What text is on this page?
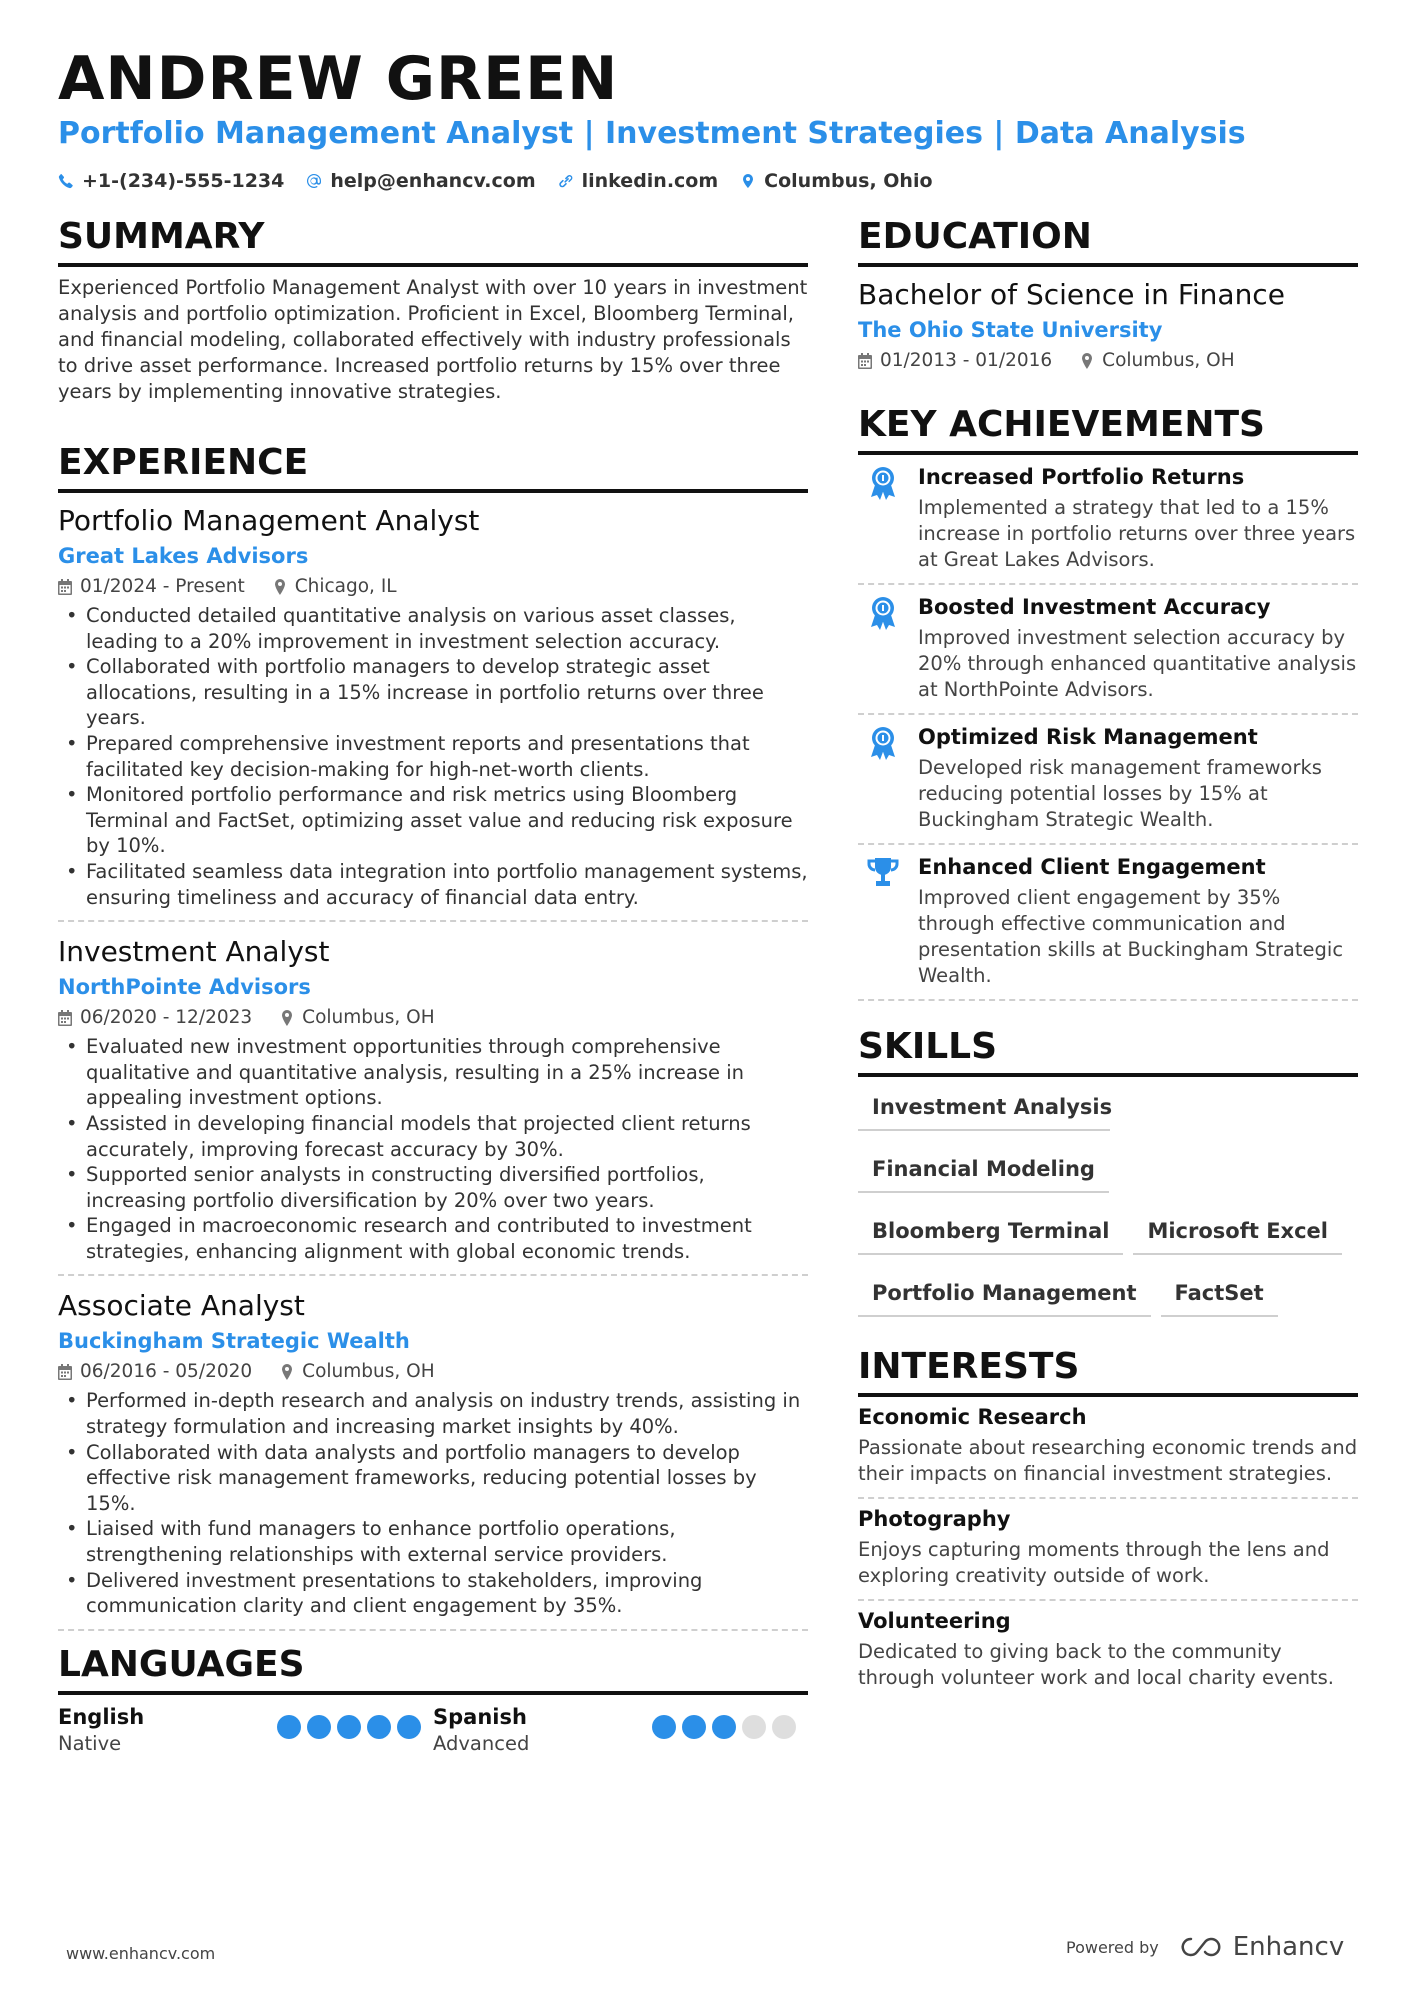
ANDREW GREEN
Portfolio Management Analyst | Investment Strategies | Data Analysis
+1-(234)-555-1234 help@enhancv.com linkedin.com Columbus, Ohio
SUMMARY
Experienced Portfolio Management Analyst with over 10 years in investment analysis and portfolio optimization. Proficient in Excel, Bloomberg Terminal, and financial modeling, collaborated effectively with industry professionals to drive asset performance. Increased portfolio returns by 15% over three years by implementing innovative strategies.
EXPERIENCE
Portfolio Management Analyst
Great Lakes Advisors
01/2024 - Present	Chicago, IL
• Conducted detailed quantitative analysis on various asset classes, leading to a 20% improvement in investment selection accuracy.
• Collaborated with portfolio managers to develop strategic asset allocations, resulting in a 15% increase in portfolio returns over three years.
• Prepared comprehensive investment reports and presentations that facilitated key decision-making for high-net-worth clients.
• Monitored portfolio performance and risk metrics using Bloomberg Terminal and FactSet, optimizing asset value and reducing risk exposure by 10%.
• Facilitated seamless data integration into portfolio management systems, ensuring timeliness and accuracy of financial data entry.
Investment Analyst
NorthPointe Advisors
06/2020 - 12/2023	Columbus, OH
• Evaluated new investment opportunities through comprehensive qualitative and quantitative analysis, resulting in a 25% increase in appealing investment options.
• Assisted in developing financial models that projected client returns accurately, improving forecast accuracy by 30%.
• Supported senior analysts in constructing diversified portfolios, increasing portfolio diversification by 20% over two years.
• Engaged in macroeconomic research and contributed to investment strategies, enhancing alignment with global economic trends.
Associate Analyst
Buckingham Strategic Wealth
06/2016 - 05/2020	Columbus, OH
• Performed in-depth research and analysis on industry trends, assisting in strategy formulation and increasing market insights by 40%.
• Collaborated with data analysts and portfolio managers to develop effective risk management frameworks, reducing potential losses by 15%.
• Liaised with fund managers to enhance portfolio operations, strengthening relationships with external service providers.
• Delivered investment presentations to stakeholders, improving communication clarity and client engagement by 35%.
LANGUAGES
English
Native
Spanish
Advanced
EDUCATION
Bachelor of Science in Finance
The Ohio State University
01/2013 - 01/2016	Columbus, OH
KEY ACHIEVEMENTS
Increased Portfolio Returns
Implemented a strategy that led to a 15% increase in portfolio returns over three years at Great Lakes Advisors.
Boosted Investment Accuracy
Improved investment selection accuracy by 20% through enhanced quantitative analysis at NorthPointe Advisors.
Optimized Risk Management
Developed risk management frameworks reducing potential losses by 15% at Buckingham Strategic Wealth.
Enhanced Client Engagement
Improved client engagement by 35% through effective communication and presentation skills at Buckingham Strategic Wealth.
SKILLS
Investment Analysis
Financial Modeling
Bloomberg Terminal	Microsoft Excel
Portfolio Management	FactSet
INTERESTS
Economic Research
Passionate about researching economic trends and their impacts on financial investment strategies.
Photography
Enjoys capturing moments through the lens and exploring creativity outside of work.
Volunteering
Dedicated to giving back to the community through volunteer work and local charity events.
www.enhancv.com	Powered by	Enhancv
